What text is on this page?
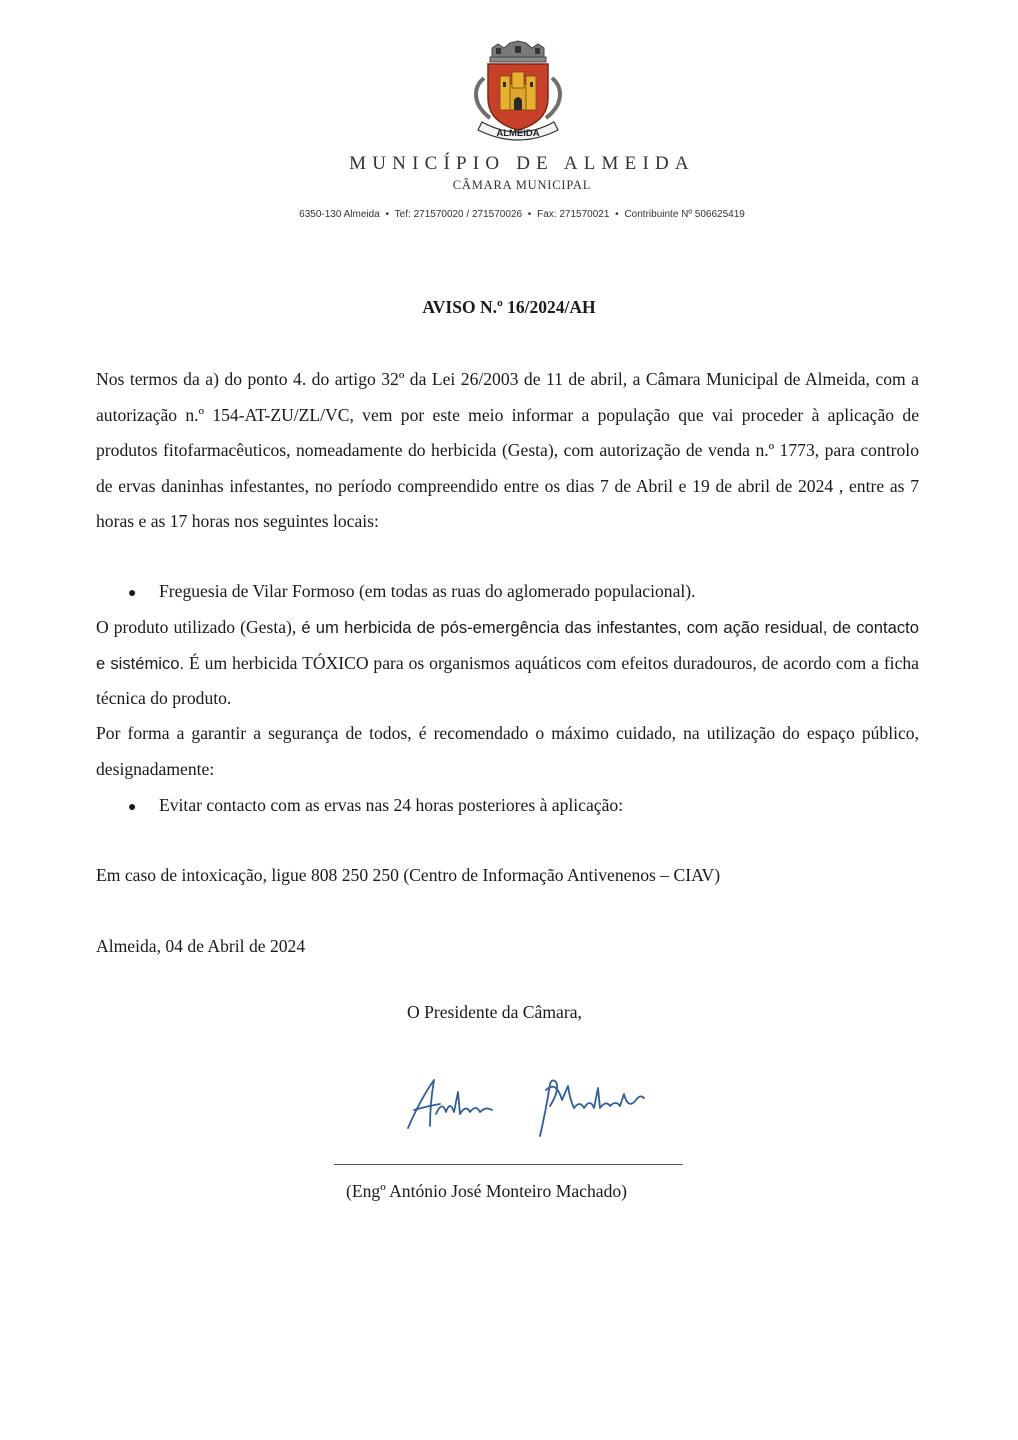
ALMEIDA
MUNICÍPIO DE ALMEIDA
CÂMARA MUNICIPAL
6350-130 Almeida • Tef: 271570020 / 271570026 • Fax: 271570021 • Contribuinte Nº 506625419
AVISO N.º 16/2024/AH

Nos termos da a) do ponto 4. do artigo 32º da Lei 26/2003 de 11 de abril, a Câmara Municipal de Almeida, com a autorização n.º 154-AT-ZU/ZL/VC, vem por este meio informar a população que vai proceder à aplicação de produtos fitofarmacêuticos, nomeadamente do herbicida (Gesta), com autorização de venda n.º 1773, para controlo de ervas daninhas infestantes, no período compreendido entre os dias 7 de Abril e 19 de abril de 2024 , entre as 7 horas e as 17 horas nos seguintes locais:

● Freguesia de Vilar Formoso (em todas as ruas do aglomerado populacional).

O produto utilizado (Gesta), é um herbicida de pós-emergência das infestantes, com ação residual, de contacto e sistémico. É um herbicida TÓXICO para os organismos aquáticos com efeitos duradouros, de acordo com a ficha técnica do produto.

Por forma a garantir a segurança de todos, é recomendado o máximo cuidado, na utilização do espaço público, designadamente:

● Evitar contacto com as ervas nas 24 horas posteriores à aplicação:

Em caso de intoxicação, ligue 808 250 250 (Centro de Informação Antivenenos – CIAV)

Almeida, 04 de Abril de 2024

O Presidente da Câmara,
(Engº António José Monteiro Machado)
